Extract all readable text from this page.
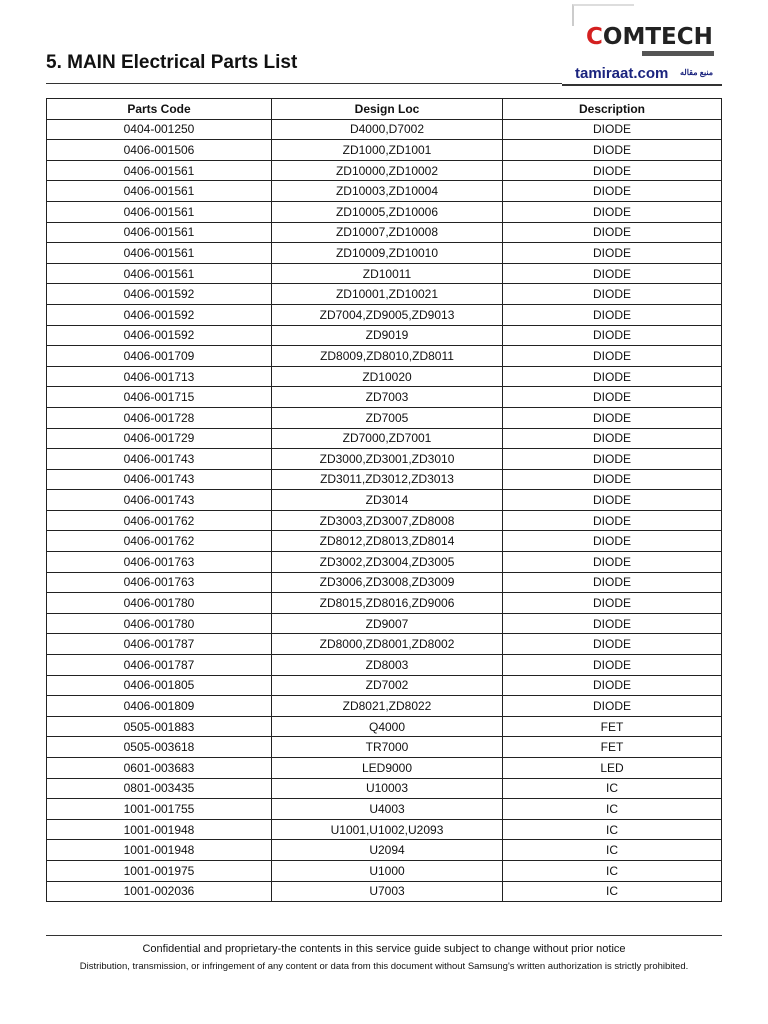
5. MAIN Electrical Parts List
COMTECH
tamiraat.com منبع مقاله
Parts Code	Design Loc	Description
0404-001250	D4000,D7002	DIODE
0406-001506	ZD1000,ZD1001	DIODE
0406-001561	ZD10000,ZD10002	DIODE
0406-001561	ZD10003,ZD10004	DIODE
0406-001561	ZD10005,ZD10006	DIODE
0406-001561	ZD10007,ZD10008	DIODE
0406-001561	ZD10009,ZD10010	DIODE
0406-001561	ZD10011	DIODE
0406-001592	ZD10001,ZD10021	DIODE
0406-001592	ZD7004,ZD9005,ZD9013	DIODE
0406-001592	ZD9019	DIODE
0406-001709	ZD8009,ZD8010,ZD8011	DIODE
0406-001713	ZD10020	DIODE
0406-001715	ZD7003	DIODE
0406-001728	ZD7005	DIODE
0406-001729	ZD7000,ZD7001	DIODE
0406-001743	ZD3000,ZD3001,ZD3010	DIODE
0406-001743	ZD3011,ZD3012,ZD3013	DIODE
0406-001743	ZD3014	DIODE
0406-001762	ZD3003,ZD3007,ZD8008	DIODE
0406-001762	ZD8012,ZD8013,ZD8014	DIODE
0406-001763	ZD3002,ZD3004,ZD3005	DIODE
0406-001763	ZD3006,ZD3008,ZD3009	DIODE
0406-001780	ZD8015,ZD8016,ZD9006	DIODE
0406-001780	ZD9007	DIODE
0406-001787	ZD8000,ZD8001,ZD8002	DIODE
0406-001787	ZD8003	DIODE
0406-001805	ZD7002	DIODE
0406-001809	ZD8021,ZD8022	DIODE
0505-001883	Q4000	FET
0505-003618	TR7000	FET
0601-003683	LED9000	LED
0801-003435	U10003	IC
1001-001755	U4003	IC
1001-001948	U1001,U1002,U2093	IC
1001-001948	U2094	IC
1001-001975	U1000	IC
1001-002036	U7003	IC
Confidential and proprietary-the contents in this service guide subject to change without prior notice
Distribution, transmission, or infringement of any content or data from this document without Samsung's written authorization is strictly prohibited.
